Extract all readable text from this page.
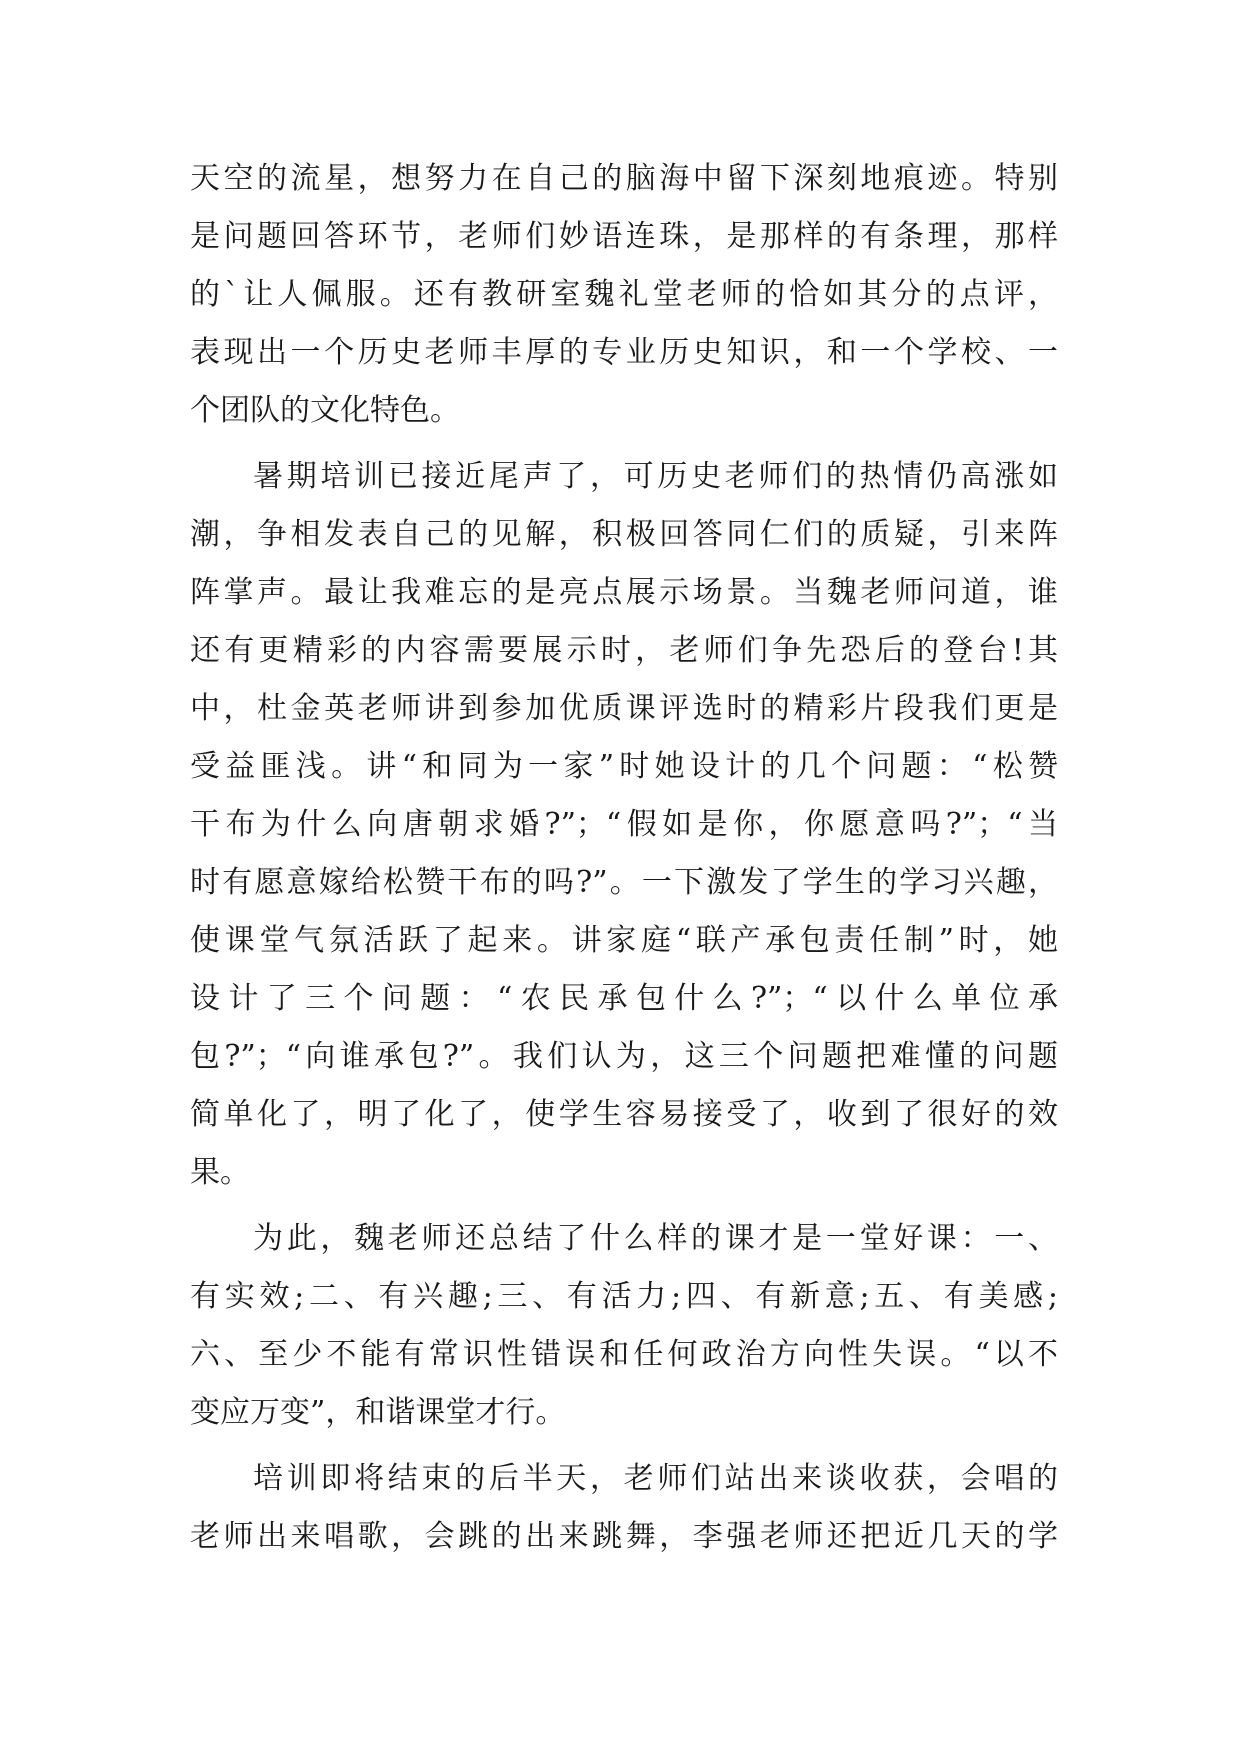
天空的流星，想努力在自己的脑海中留下深刻地痕迹。特别
是问题回答环节，老师们妙语连珠，是那样的有条理，那样
的`让人佩服。还有教研室魏礼堂老师的恰如其分的点评，
表现出一个历史老师丰厚的专业历史知识，和一个学校、一
个团队的文化特色。
暑期培训已接近尾声了，可历史老师们的热情仍高涨如
潮，争相发表自己的见解，积极回答同仁们的质疑，引来阵
阵掌声。最让我难忘的是亮点展示场景。当魏老师问道，谁
还有更精彩的内容需要展示时，老师们争先恐后的登台!其
中，杜金英老师讲到参加优质课评选时的精彩片段我们更是
受益匪浅。讲“和同为一家”时她设计的几个问题：“松赞
干布为什么向唐朝求婚?”；“假如是你，你愿意吗?”；“当
时有愿意嫁给松赞干布的吗?”。一下激发了学生的学习兴趣，
使课堂气氛活跃了起来。讲家庭“联产承包责任制”时，她
设计了三个问题：“农民承包什么?”；“以什么单位承
包?”；“向谁承包?”。我们认为，这三个问题把难懂的问题
简单化了，明了化了，使学生容易接受了，收到了很好的效
果。
为此，魏老师还总结了什么样的课才是一堂好课：一、
有实效;二、有兴趣;三、有活力;四、有新意;五、有美感;
六、至少不能有常识性错误和任何政治方向性失误。“以不
变应万变”，和谐课堂才行。
培训即将结束的后半天，老师们站出来谈收获，会唱的
老师出来唱歌，会跳的出来跳舞，李强老师还把近几天的学
